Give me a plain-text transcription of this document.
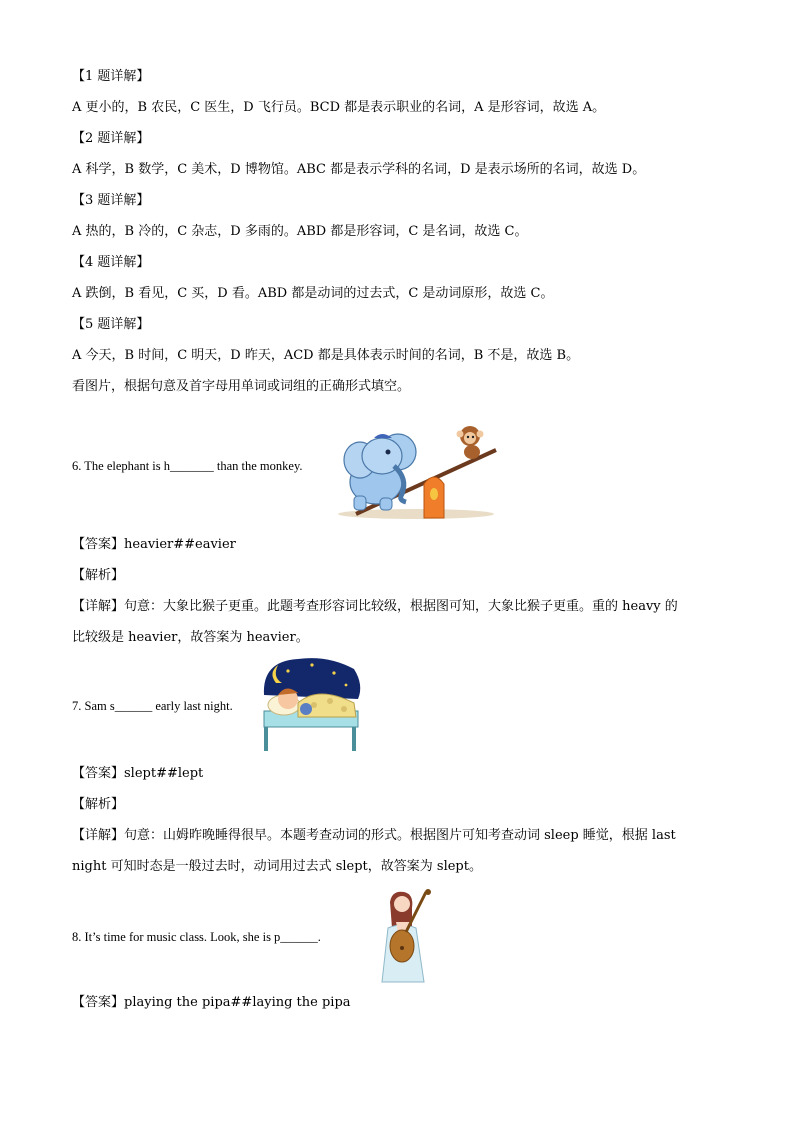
【1 题详解】
A 更小的，B 农民，C 医生，D 飞行员。BCD 都是表示职业的名词，A 是形容词，故选 A。
【2 题详解】
A 科学，B 数学，C 美术，D 博物馆。ABC 都是表示学科的名词，D 是表示场所的名词，故选 D。
【3 题详解】
A 热的，B 冷的，C 杂志，D 多雨的。ABD 都是形容词，C 是名词，故选 C。
【4 题详解】
A 跌倒，B 看见，C 买，D 看。ABD 都是动词的过去式，C 是动词原形，故选 C。
【5 题详解】
A 今天，B 时间，C 明天，D 昨天，ACD 都是具体表示时间的名词，B 不是，故选 B。
看图片，根据句意及首字母用单词或词组的正确形式填空。
6. The elephant is h_______ than the monkey.
【答案】heavier##eavier
【解析】
【详解】句意：大象比猴子更重。此题考查形容词比较级，根据图可知，大象比猴子更重。重的 heavy 的
比较级是 heavier，故答案为 heavier。
7. Sam s______ early last night.
【答案】slept##lept
【解析】
【详解】句意：山姆昨晚睡得很早。本题考查动词的形式。根据图片可知考查动词 sleep 睡觉，根据 last
night 可知时态是一般过去时，动词用过去式 slept，故答案为 slept。
8. It’s time for music class. Look, she is p______.
【答案】playing the pipa##laying the pipa
